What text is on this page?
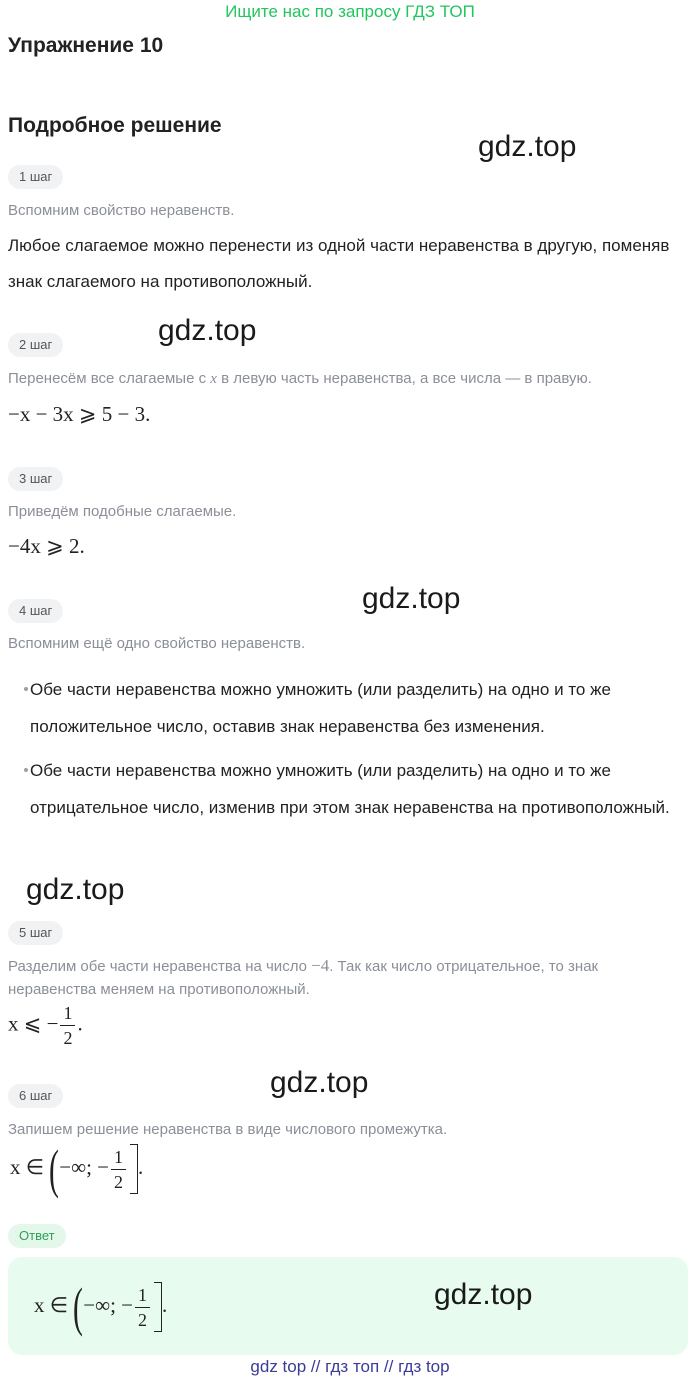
Ищите нас по запросу ГДЗ ТОП
Упражнение 10
Подробное решение
gdz.top
1 шаг
Вспомним свойство неравенств.
Любое слагаемое можно перенести из одной части неравенства в другую, поменяв знак слагаемого на противоположный.
gdz.top
2 шаг
Перенесём все слагаемые с x в левую часть неравенства, а все числа — в правую.
−x − 3x ⩾ 5 − 3.
3 шаг
Приведём подобные слагаемые.
−4x ⩾ 2.
gdz.top
4 шаг
Вспомним ещё одно свойство неравенств.
Обе части неравенства можно умножить (или разделить) на одно и то же положительное число, оставив знак неравенства без изменения.
Обе части неравенства можно умножить (или разделить) на одно и то же отрицательное число, изменив при этом знак неравенства на противоположный.
gdz.top
5 шаг
Разделим обе части неравенства на число −4. Так как число отрицательное, то знак неравенства меняем на противоположный.
x ⩽ − $\frac{1}{2}$ .
gdz.top
6 шаг
Запишем решение неравенства в виде числового промежутка.
x ∈ (−∞; − $\frac{1}{2}$ .
Ответ
x ∈ (−∞; − $\frac{1}{2}$ .	gdz.top
gdz top // гдз топ // гдз top
